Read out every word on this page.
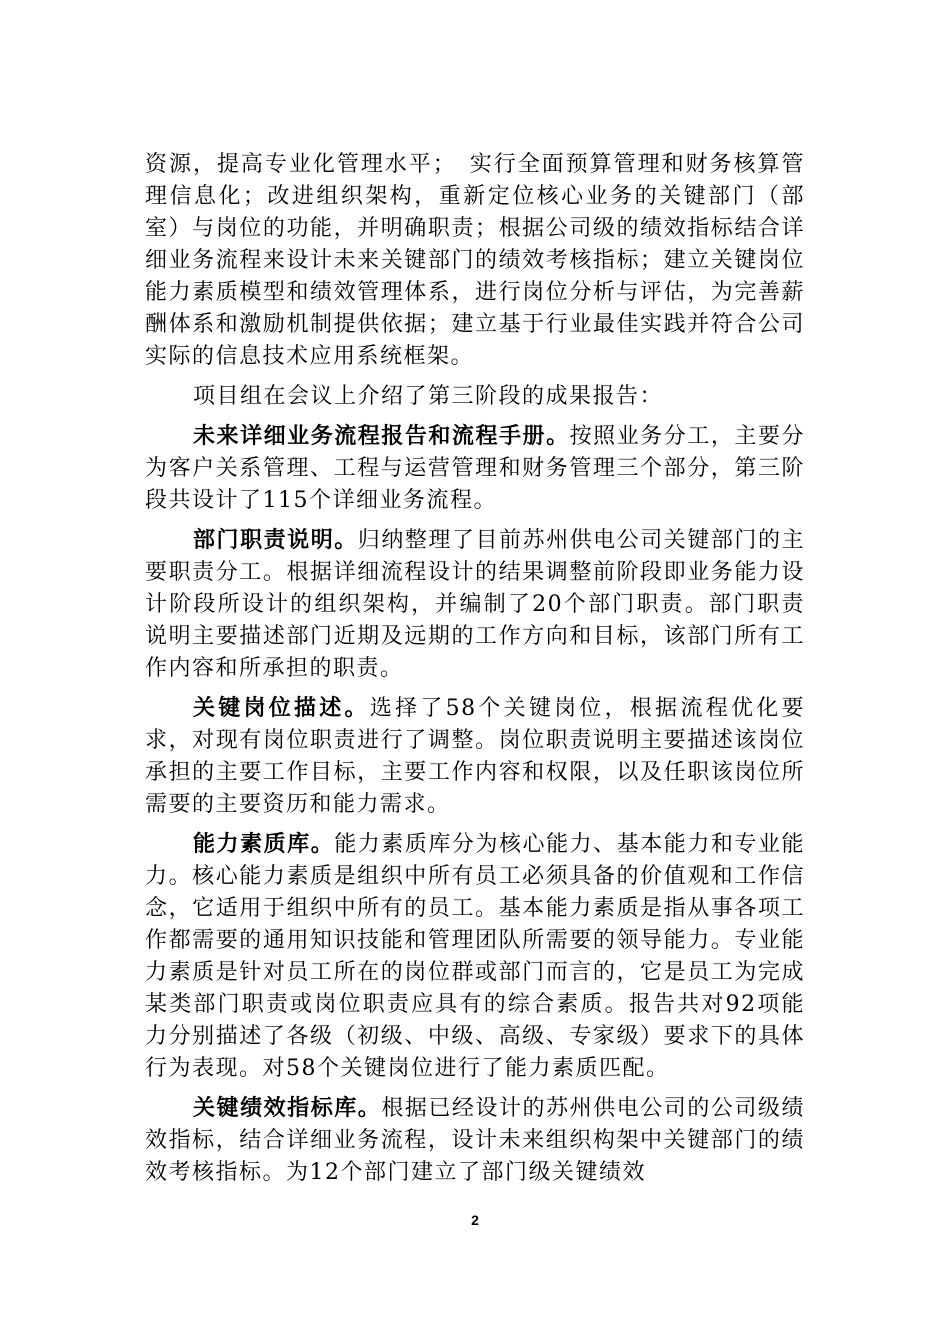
资源，提高专业化管理水平；　实行全面预算管理和财务核算管理信息化；改进组织架构，重新定位核心业务的关键部门（部室）与岗位的功能，并明确职责；根据公司级的绩效指标结合详细业务流程来设计未来关键部门的绩效考核指标；建立关键岗位能力素质模型和绩效管理体系，进行岗位分析与评估，为完善薪酬体系和激励机制提供依据；建立基于行业最佳实践并符合公司实际的信息技术应用系统框架。

项目组在会议上介绍了第三阶段的成果报告：

未来详细业务流程报告和流程手册。按照业务分工，主要分为客户关系管理、工程与运营管理和财务管理三个部分，第三阶段共设计了115个详细业务流程。

部门职责说明。归纳整理了目前苏州供电公司关键部门的主要职责分工。根据详细流程设计的结果调整前阶段即业务能力设计阶段所设计的组织架构，并编制了20个部门职责。部门职责说明主要描述部门近期及远期的工作方向和目标，该部门所有工作内容和所承担的职责。

关键岗位描述。选择了58个关键岗位，根据流程优化要求，对现有岗位职责进行了调整。岗位职责说明主要描述该岗位承担的主要工作目标，主要工作内容和权限，以及任职该岗位所需要的主要资历和能力需求。

能力素质库。能力素质库分为核心能力、基本能力和专业能力。核心能力素质是组织中所有员工必须具备的价值观和工作信念，它适用于组织中所有的员工。基本能力素质是指从事各项工作都需要的通用知识技能和管理团队所需要的领导能力。专业能力素质是针对员工所在的岗位群或部门而言的，它是员工为完成某类部门职责或岗位职责应具有的综合素质。报告共对92项能力分别描述了各级（初级、中级、高级、专家级）要求下的具体行为表现。对58个关键岗位进行了能力素质匹配。

关键绩效指标库。根据已经设计的苏州供电公司的公司级绩效指标，结合详细业务流程，设计未来组织构架中关键部门的绩效考核指标。为12个部门建立了部门级关键绩效

2
